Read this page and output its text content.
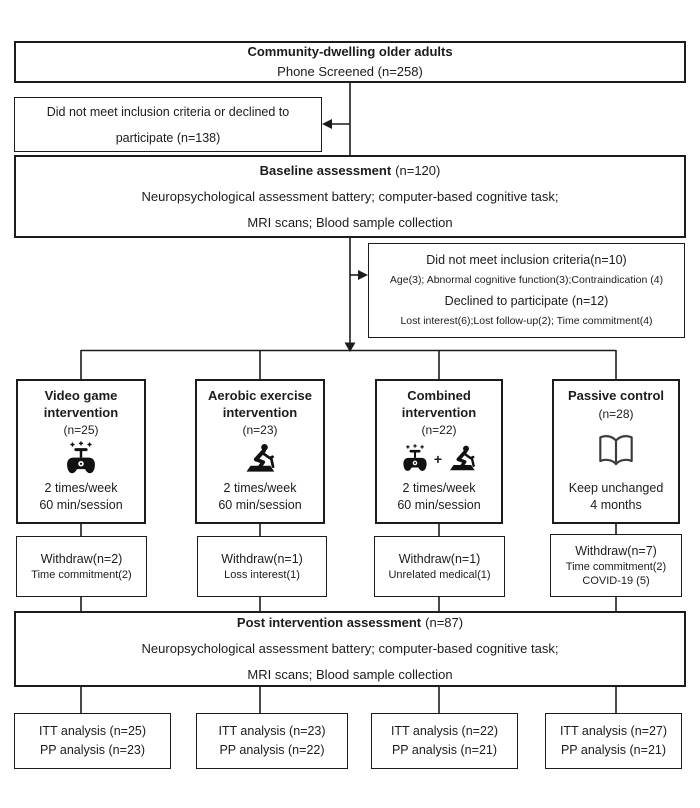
Community-dwelling older adults
Phone Screened (n=258)
Did not meet inclusion criteria or declined to
participate (n=138)
Baseline assessment (n=120)
Neuropsychological assessment battery; computer-based cognitive task;
MRI scans; Blood sample collection
Did not meet inclusion criteria(n=10)
Age(3); Abnormal cognitive function(3);Contraindication (4)
Declined to participate (n=12)
Lost interest(6);Lost follow-up(2); Time commitment(4)
Video game intervention
(n=25)
2 times/week
60 min/session
Aerobic exercise intervention
(n=23)
2 times/week
60 min/session
Combined intervention
(n=22)
+
2 times/week
60 min/session
Passive control
(n=28)
Keep unchanged
4 months
Withdraw(n=2)
Time commitment(2)
Withdraw(n=1)
Loss interest(1)
Withdraw(n=1)
Unrelated medical(1)
Withdraw(n=7)
Time commitment(2)
COVID-19 (5)
Post intervention assessment (n=87)
Neuropsychological assessment battery; computer-based cognitive task;
MRI scans; Blood sample collection
ITT analysis (n=25)
PP analysis (n=23)
ITT analysis (n=23)
PP analysis (n=22)
ITT analysis (n=22)
PP analysis (n=21)
ITT analysis (n=27)
PP analysis (n=21)
